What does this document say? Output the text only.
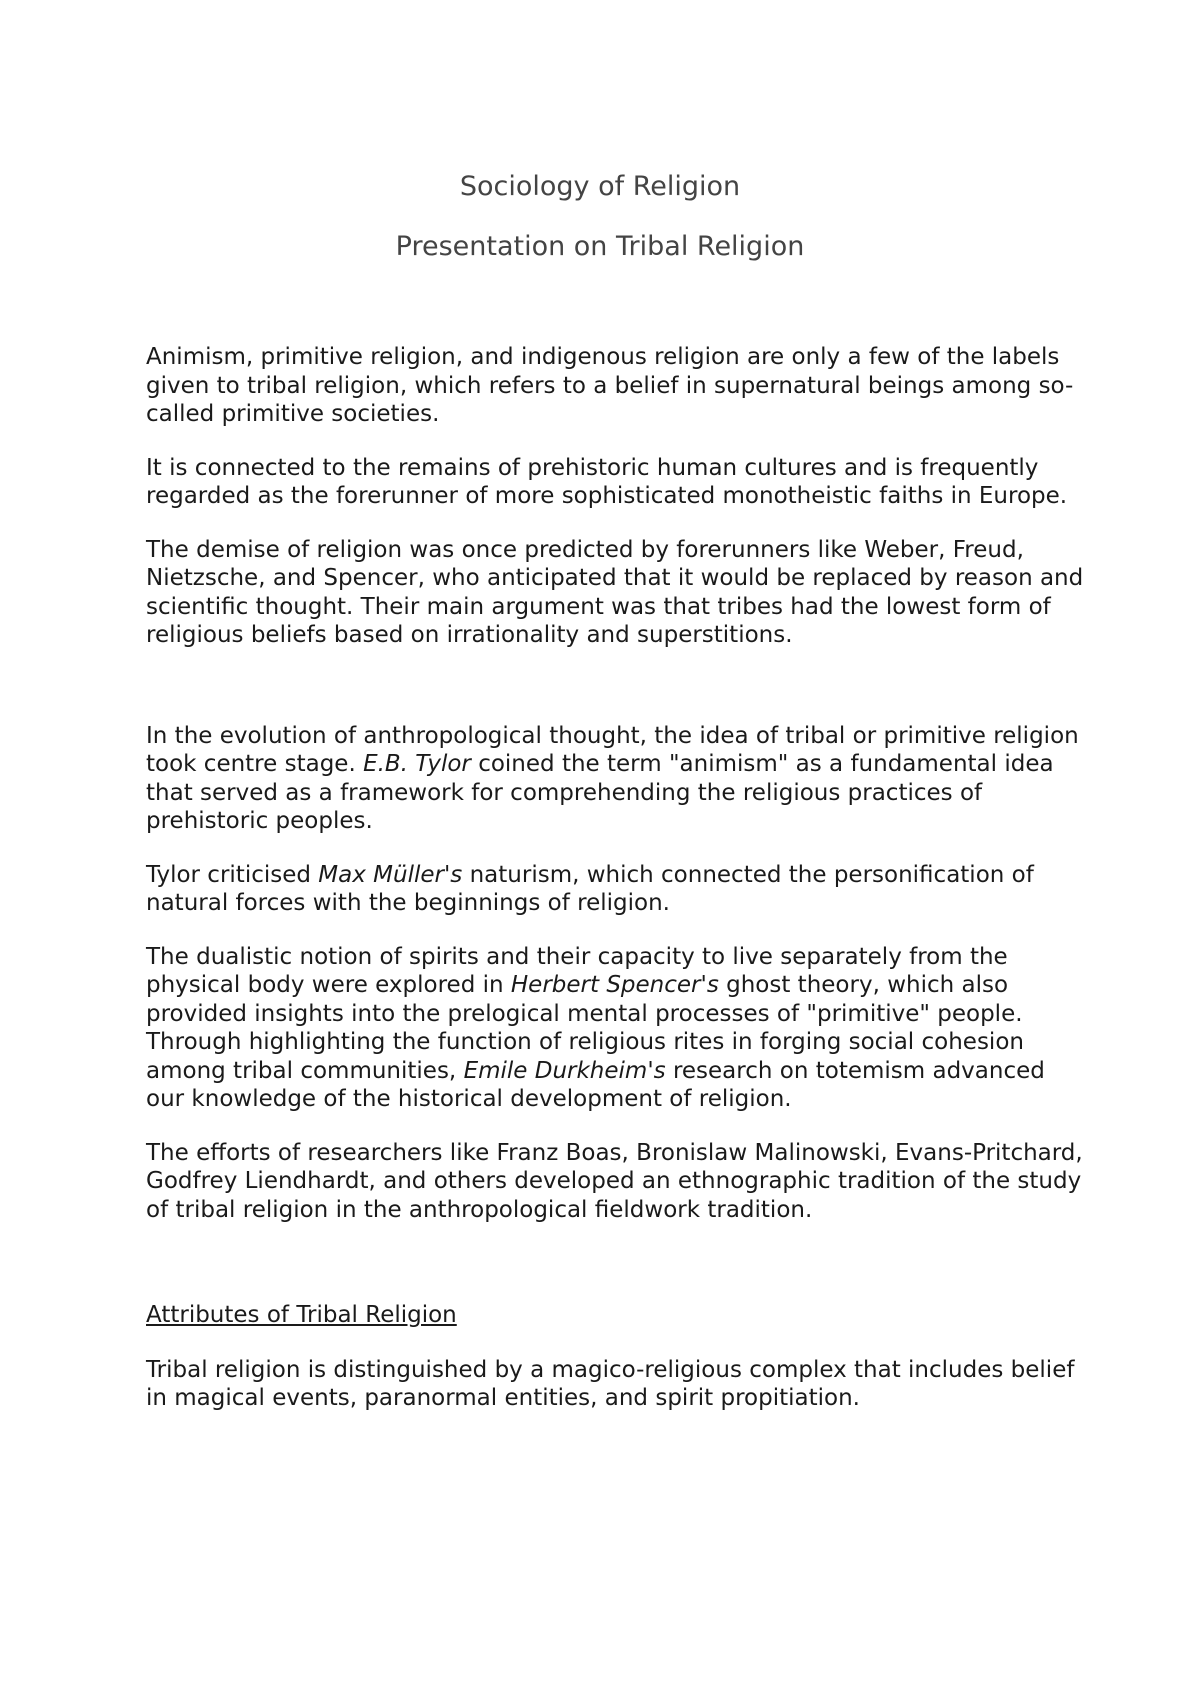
Sociology of Religion
Presentation on Tribal Religion

Animism, primitive religion, and indigenous religion are only a few of the labels given to tribal religion, which refers to a belief in supernatural beings among so-called primitive societies.

It is connected to the remains of prehistoric human cultures and is frequently regarded as the forerunner of more sophisticated monotheistic faiths in Europe.

The demise of religion was once predicted by forerunners like Weber, Freud, Nietzsche, and Spencer, who anticipated that it would be replaced by reason and scientific thought. Their main argument was that tribes had the lowest form of religious beliefs based on irrationality and superstitions.

In the evolution of anthropological thought, the idea of tribal or primitive religion took centre stage. E.B. Tylor coined the term "animism" as a fundamental idea that served as a framework for comprehending the religious practices of prehistoric peoples.

Tylor criticised Max Müller's naturism, which connected the personification of natural forces with the beginnings of religion.

The dualistic notion of spirits and their capacity to live separately from the physical body were explored in Herbert Spencer's ghost theory, which also provided insights into the prelogical mental processes of "primitive" people. Through highlighting the function of religious rites in forging social cohesion among tribal communities, Emile Durkheim's research on totemism advanced our knowledge of the historical development of religion.

The efforts of researchers like Franz Boas, Bronislaw Malinowski, Evans-Pritchard, Godfrey Liendhardt, and others developed an ethnographic tradition of the study of tribal religion in the anthropological fieldwork tradition.

Attributes of Tribal Religion

Tribal religion is distinguished by a magico-religious complex that includes belief in magical events, paranormal entities, and spirit propitiation.
